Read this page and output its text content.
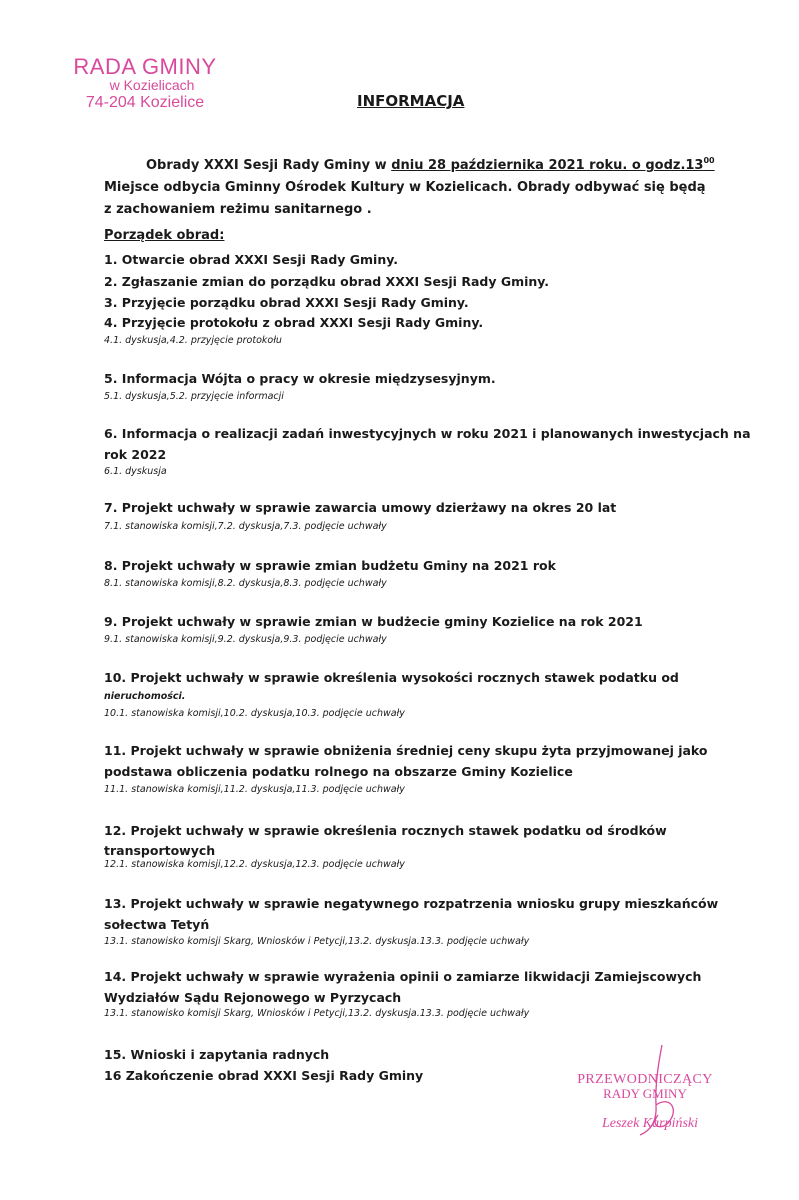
RADA GMINY
w Kozielicach
74-204 Kozielice	INFORMACJA
Obrady XXXI Sesji Rady Gminy w dniu 28 października 2021 roku. o $godz.13^{00}$
Miejsce odbycia Gminny Ośrodek Kultury w Kozielicach. Obrady odbywać się będą
z zachowaniem reżimu sanitarnego .
Porządek obrad:
1. Otwarcie obrad XXXI Sesji Rady Gminy.
2. Zgłaszanie zmian do porządku obrad XXXI Sesji Rady Gminy.
3. Przyjęcie porządku obrad XXXI Sesji Rady Gminy.
4. Przyjęcie protokołu z obrad XXXI Sesji Rady Gminy.
4.1. dyskusja,4.2. przyjęcie protokołu
5. Informacja Wójta o pracy w okresie międzysesyjnym.
5.1. dyskusja,5.2. przyjęcie informacji
6. Informacja o realizacji zadań inwestycyjnych w roku 2021 i planowanych inwestycjach na
rok 2022
6.1. dyskusja
7. Projekt uchwały w sprawie zawarcia umowy dzierżawy na okres 20 lat
7.1. stanowiska komisji,7.2. dyskusja,7.3. podjęcie uchwały
8. Projekt uchwały w sprawie zmian budżetu Gminy na 2021 rok
8.1. stanowiska komisji,8.2. dyskusja,8.3. podjęcie uchwały
9. Projekt uchwały w sprawie zmian w budżecie gminy Kozielice na rok 2021
9.1. stanowiska komisji,9.2. dyskusja,9.3. podjęcie uchwały
10. Projekt uchwały w sprawie określenia wysokości rocznych stawek podatku od
nieruchomości.
10.1. stanowiska komisji,10.2. dyskusja,10.3. podjęcie uchwały
11. Projekt uchwały w sprawie obniżenia średniej ceny skupu żyta przyjmowanej jako
podstawa obliczenia podatku rolnego na obszarze Gminy Kozielice
11.1. stanowiska komisji,11.2. dyskusja,11.3. podjęcie uchwały
12. Projekt uchwały w sprawie określenia rocznych stawek podatku od środków
transportowych
12.1. stanowiska komisji,12.2. dyskusja,12.3. podjęcie uchwały
13. Projekt uchwały w sprawie negatywnego rozpatrzenia wniosku grupy mieszkańców
sołectwa Tetyń
13.1. stanowisko komisji Skarg, Wniosków i Petycji,13.2. dyskusja.13.3. podjęcie uchwały
14. Projekt uchwały w sprawie wyrażenia opinii o zamiarze likwidacji Zamiejscowych
Wydziałów Sądu Rejonowego w Pyrzycach
13.1. stanowisko komisji Skarg, Wniosków i Petycji,13.2. dyskusja.13.3. podjęcie uchwały
15. Wnioski i zapytania radnych
16 Zakończenie obrad XXXI Sesji Rady Gminy	PRZEWODNICZĄCY
RADY GMINY
Leszek Karpiński
